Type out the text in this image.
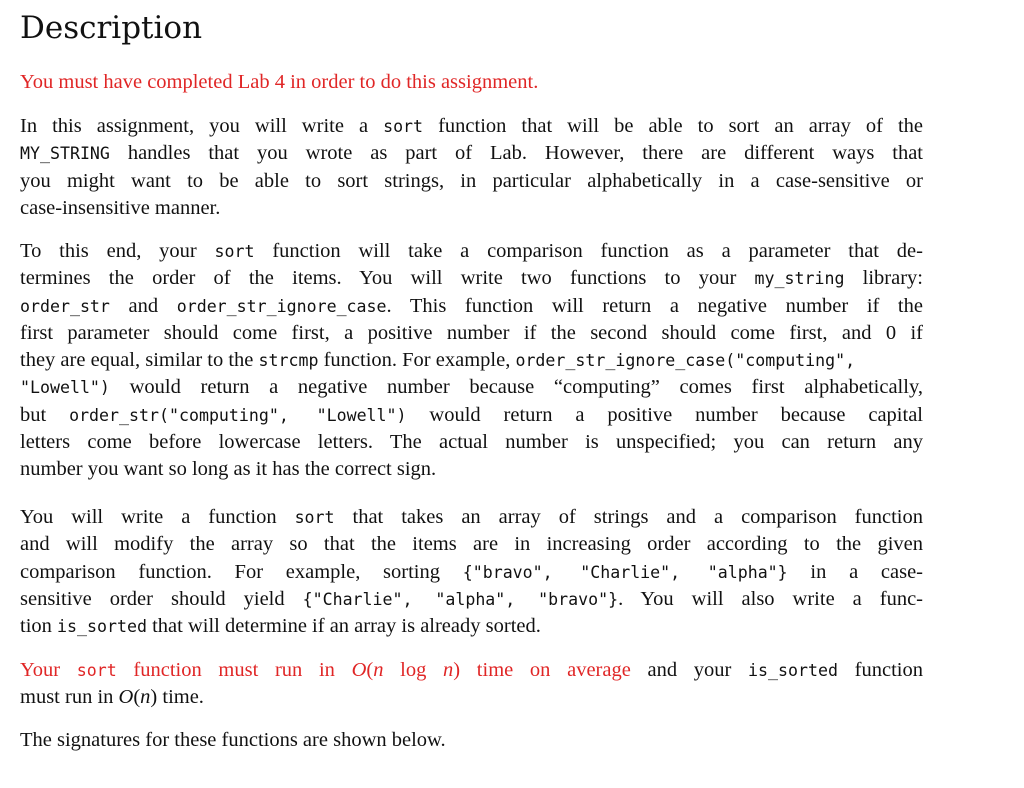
Description

You must have completed Lab 4 in order to do this assignment.

In this assignment, you will write a sort function that will be able to sort an array of the
MY_STRING handles that you wrote as part of Lab. However, there are different ways that
you might want to be able to sort strings, in particular alphabetically in a case-sensitive or
case-insensitive manner.

To this end, your sort function will take a comparison function as a parameter that de-
termines the order of the items. You will write two functions to your my_string library:
order_str and order_str_ignore_case. This function will return a negative number if the
first parameter should come first, a positive number if the second should come first, and 0 if
they are equal, similar to the strcmp function. For example, order_str_ignore_case("computing",
"Lowell") would return a negative number because “computing” comes first alphabetically,
but order_str("computing", "Lowell") would return a positive number because capital
letters come before lowercase letters. The actual number is unspecified; you can return any
number you want so long as it has the correct sign.

You will write a function sort that takes an array of strings and a comparison function
and will modify the array so that the items are in increasing order according to the given
comparison function. For example, sorting {"bravo", "Charlie", "alpha"} in a case-
sensitive order should yield {"Charlie", "alpha", "bravo"}. You will also write a func-
tion is_sorted that will determine if an array is already sorted.

Your sort function must run in O(n log n) time on average and your is_sorted function
must run in O(n) time.

The signatures for these functions are shown below.
